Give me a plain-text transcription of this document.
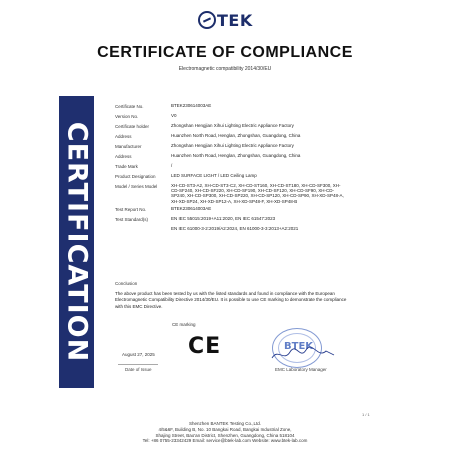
TEK
CERTIFICATE OF COMPLIANCE
Electromagnetic compatibility 2014/30/EU
CERTIFICATION
Certificate No.	BTEK230614003AE
Version No.	V0
Certificate holder	Zhongshan Hengjian Xihui Lighting Electric Appliance Factory
Address	Huanzhen North Road, Henglan, Zhongshan, Guangdong, China
Manufacturer	Zhongshan Hengjian Xihui Lighting Electric Appliance Factory
Address	Huanzhen North Road, Henglan, Zhongshan, Guangdong, China
Trade Mark	/
Product Designation	LED SURFACE LIGHT / LED Ceiling Lamp
Model / Series Model	XH-CD-ST3-A2, XH-CD-ST3-C2, XH-CD-ST160, XH-CD-ST180, XH-CD-SF300, XH-CD-SF240, XH-CD-SF220, XH-CD-SF190, XH-CD-SF120, XH-CD-SF90, XH-CD-SP240, XH-CD-SP300, XH-CD-SP220, XH-CD-SP120, XH-CD-SP90, XH-XD-SP48-A, XH-XD-SP24, XH-XD-SP12-A, XH-XD-SP48-F, XH-XD-SP48-B
Test Report No.	BTEK230614003AE
Test Standard(s)	EN IEC 55015:2019+A11:2020, EN IEC 61547:2023
EN IEC 61000-3-2:2019/A2:2024, EN 61000-3-3:2013+A2:2021
Conclusion
The above product has been tested by us with the listed standards and found in compliance with the European Electromagnetic Compatibility Directive 2014/30/EU. It is possible to use CE marking to demonstrate the compliance with this EMC Directive.
CE marking
C E
August 27, 2025
Date of Issue
BTEK
EMC Laboratory Manager
1 / 1
Shenzhen BANTEK Testing Co.,Ltd.
4/5&6F, Building B, No. 10 Bangkai Road, Bangkai Industrial Zone,
Shajing Street, Bao'an District, Shenzhen, Guangdong, China 518104
Tel: +86 0755-23342429 Email: service@btek-lab.com Website: www.btek-lab.com
